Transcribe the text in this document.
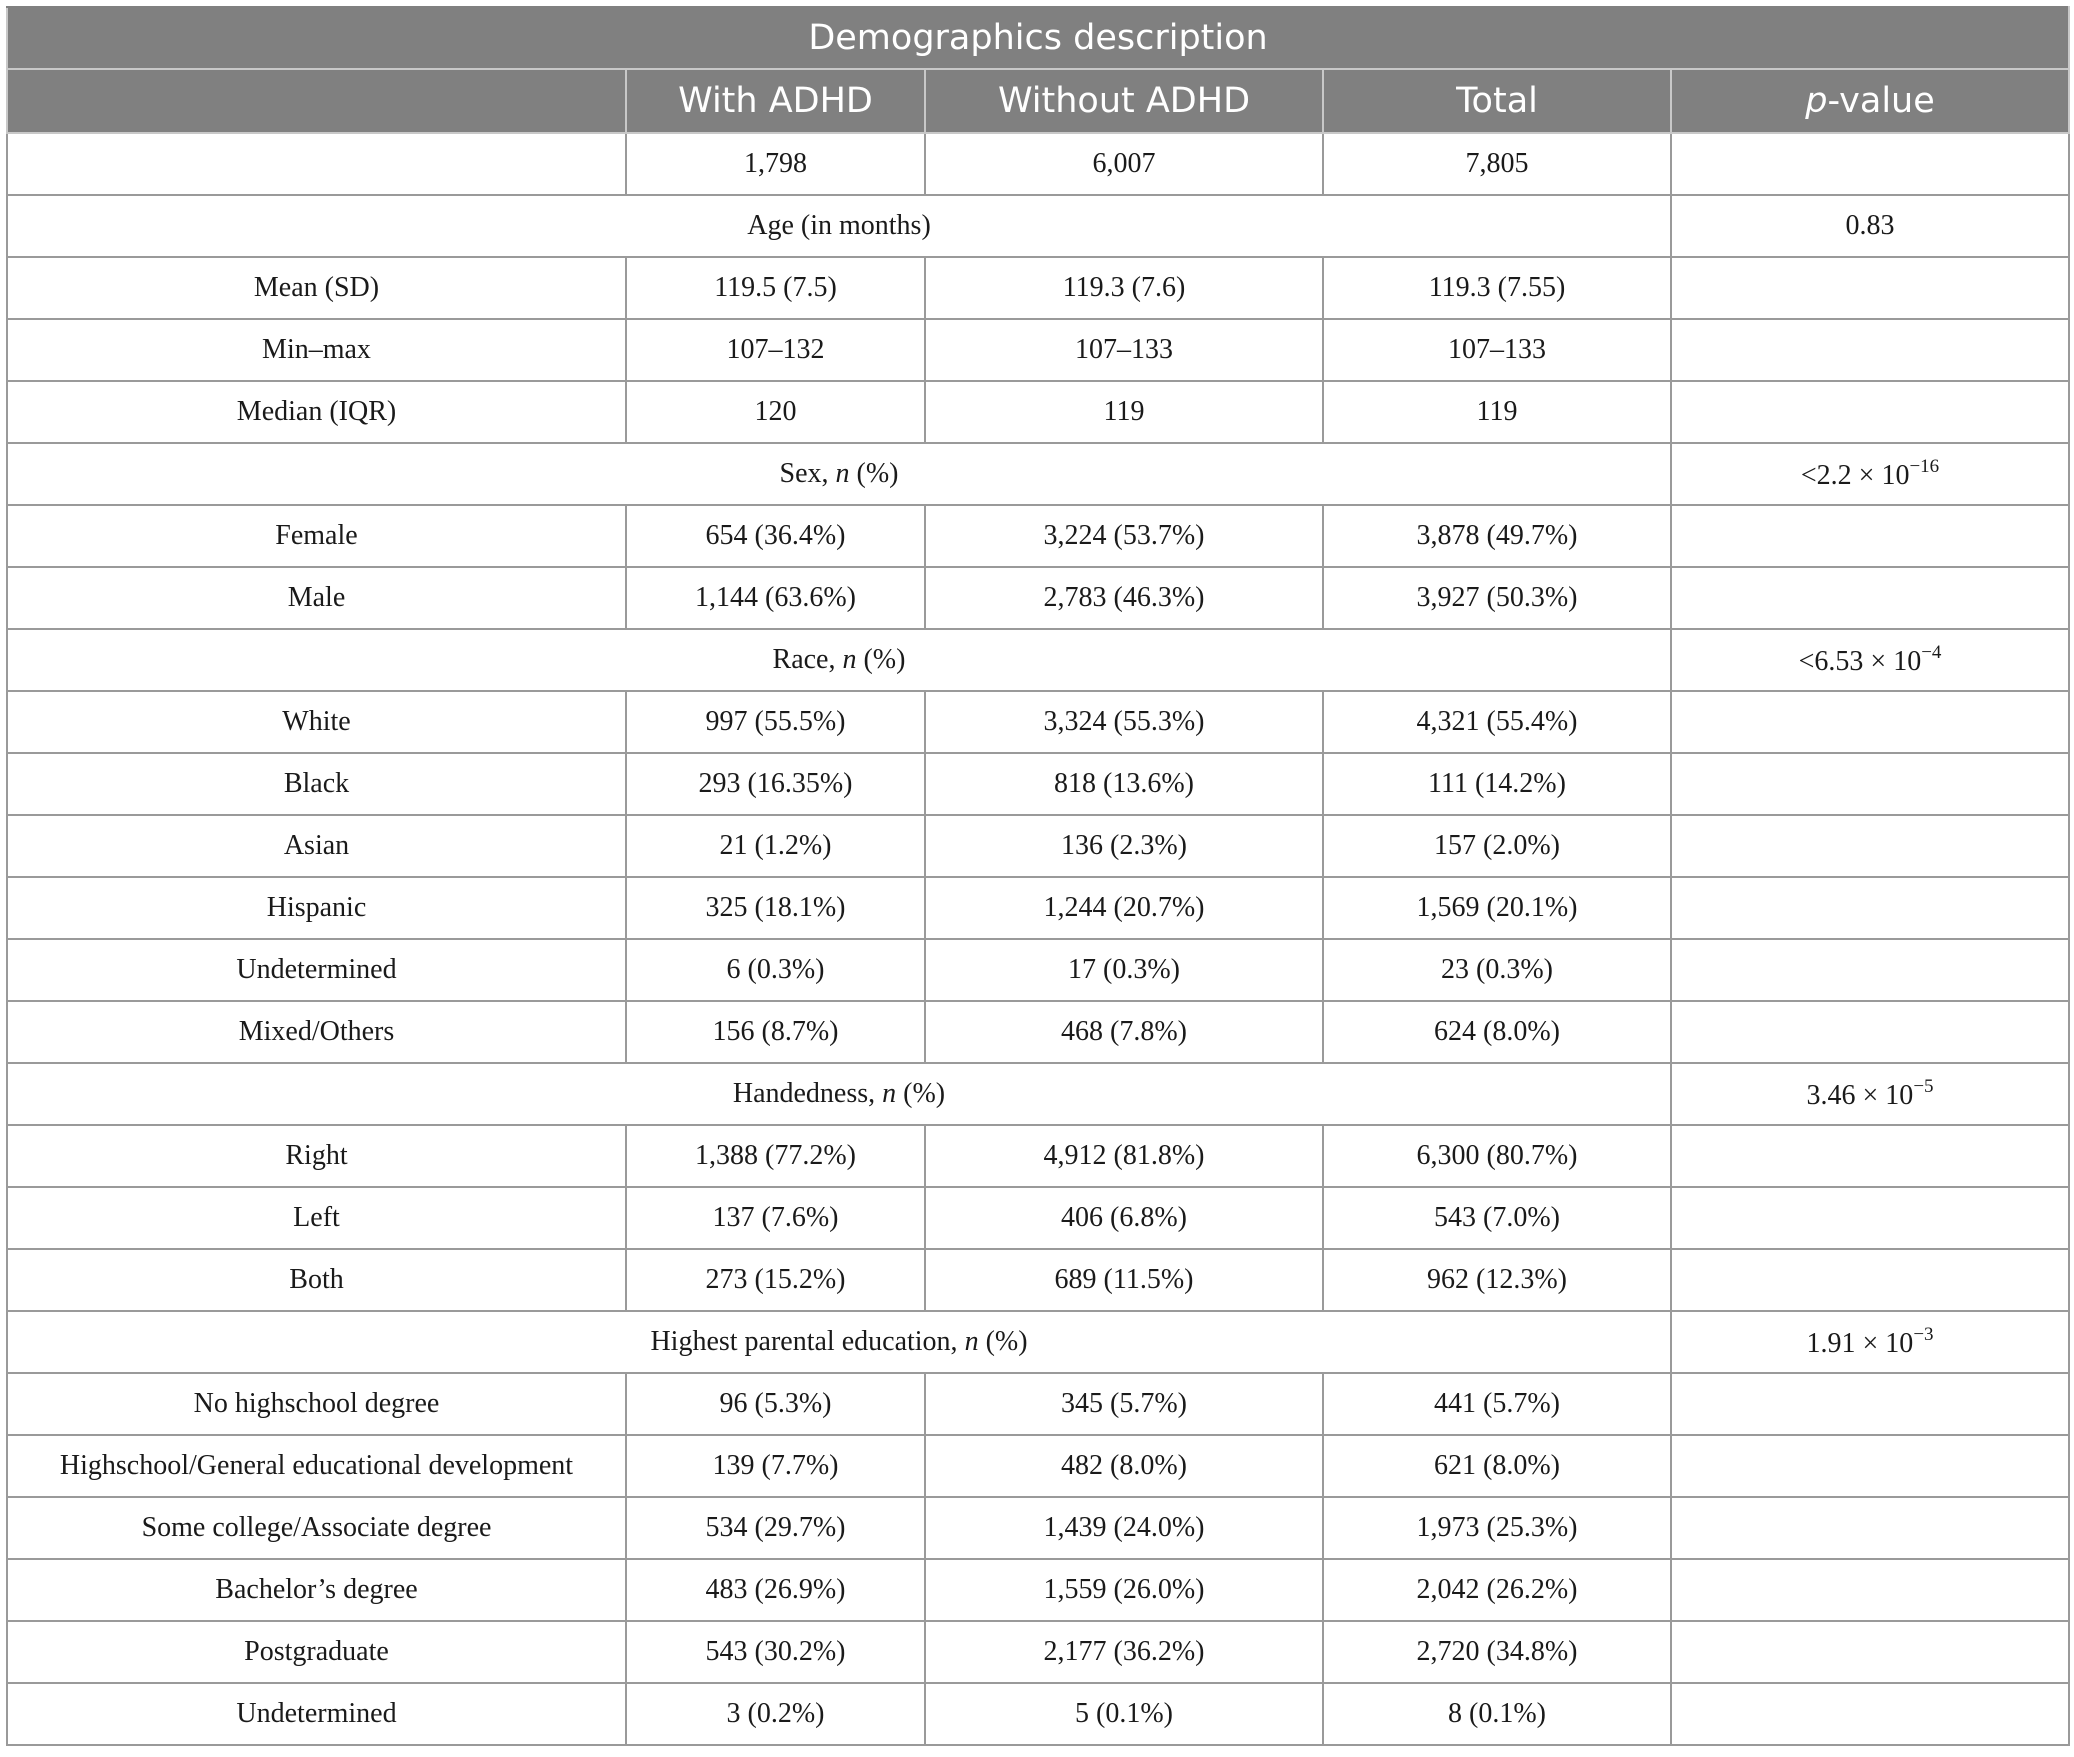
Demographics description				
	With ADHD	Without ADHD	Total	p-value
	1,798	6,007	7,805	
Age (in months)				0.83
Mean (SD)	119.5 (7.5)	119.3 (7.6)	119.3 (7.55)	
Min–max	107–132	107–133	107–133	
Median (IQR)	120	119	119	
Sex, n (%)				$<2.2 \times 10^{-16}$
Female	654 (36.4%)	3,224 (53.7%)	3,878 (49.7%)	
Male	1,144 (63.6%)	2,783 (46.3%)	3,927 (50.3%)	
Race, n (%)				$<6.53 \times 10^{-4}$
White	997 (55.5%)	3,324 (55.3%)	4,321 (55.4%)	
Black	293 (16.35%)	818 (13.6%)	111 (14.2%)	
Asian	21 (1.2%)	136 (2.3%)	157 (2.0%)	
Hispanic	325 (18.1%)	1,244 (20.7%)	1,569 (20.1%)	
Undetermined	6 (0.3%)	17 (0.3%)	23 (0.3%)	
Mixed/Others	156 (8.7%)	468 (7.8%)	624 (8.0%)	
Handedness, n (%)				$3.46 \times 10^{-5}$
Right	1,388 (77.2%)	4,912 (81.8%)	6,300 (80.7%)	
Left	137 (7.6%)	406 (6.8%)	543 (7.0%)	
Both	273 (15.2%)	689 (11.5%)	962 (12.3%)	
Highest parental education, n (%)				$1.91 \times 10^{-3}$
No highschool degree	96 (5.3%)	345 (5.7%)	441 (5.7%)	
Highschool/General educational development	139 (7.7%)	482 (8.0%)	621 (8.0%)	
Some college/Associate degree	534 (29.7%)	1,439 (24.0%)	1,973 (25.3%)	
Bachelor’s degree	483 (26.9%)	1,559 (26.0%)	2,042 (26.2%)	
Postgraduate	543 (30.2%)	2,177 (36.2%)	2,720 (34.8%)	
Undetermined	3 (0.2%)	5 (0.1%)	8 (0.1%)	
